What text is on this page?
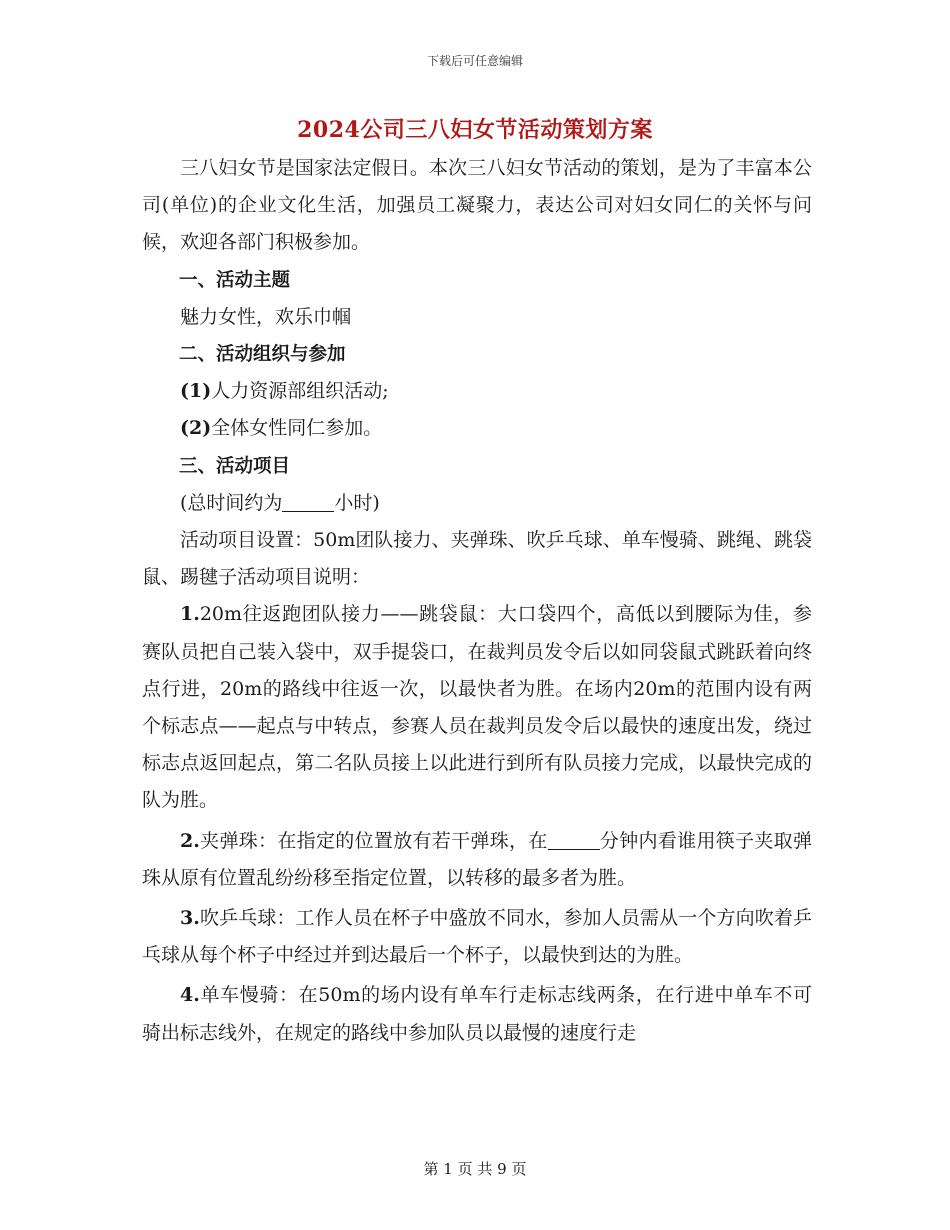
下载后可任意编辑
2024公司三八妇女节活动策划方案

三八妇女节是国家法定假日。本次三八妇女节活动的策划，是为了丰富本公司(单位)的企业文化生活，加强员工凝聚力，表达公司对妇女同仁的关怀与问候，欢迎各部门积极参加。

一、活动主题

魅力女性，欢乐巾帼

二、活动组织与参加

(1)人力资源部组织活动;

(2)全体女性同仁参加。

三、活动项目

(总时间约为	小时)

活动项目设置：50m团队接力、夹弹珠、吹乒乓球、单车慢骑、跳绳、跳袋鼠、踢毽子活动项目说明：

1.20m往返跑团队接力——跳袋鼠：大口袋四个，高低以到腰际为佳，参赛队员把自己装入袋中，双手提袋口，在裁判员发令后以如同袋鼠式跳跃着向终点行进，20m的路线中往返一次，以最快者为胜。在场内20m的范围内设有两个标志点——起点与中转点，参赛人员在裁判员发令后以最快的速度出发，绕过标志点返回起点，第二名队员接上以此进行到所有队员接力完成，以最快完成的队为胜。

2.夹弹珠：在指定的位置放有若干弹珠，在	分钟内看谁用筷子夹取弹珠从原有位置乱纷纷移至指定位置，以转移的最多者为胜。

3.吹乒乓球：工作人员在杯子中盛放不同水，参加人员需从一个方向吹着乒乓球从每个杯子中经过并到达最后一个杯子，以最快到达的为胜。

4.单车慢骑：在50m的场内设有单车行走标志线两条，在行进中单车不可骑出标志线外，在规定的路线中参加队员以最慢的速度行走

第 1 页 共 9 页
